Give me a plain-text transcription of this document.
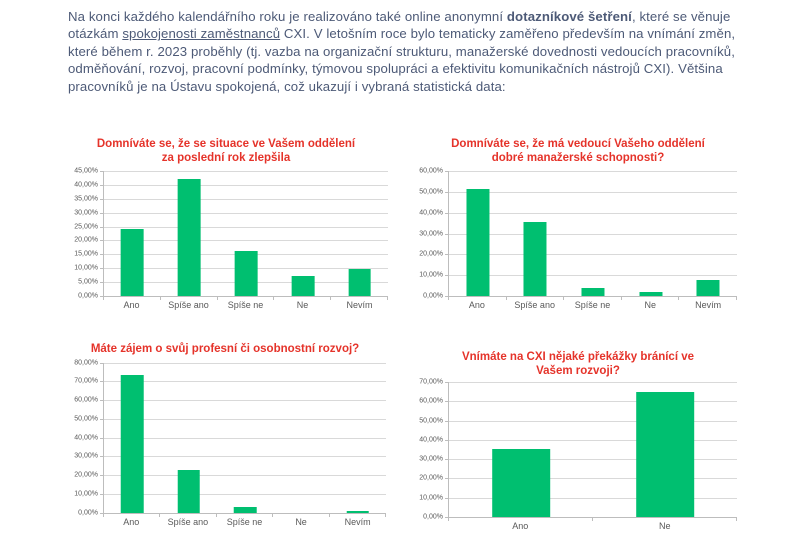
Na konci každého kalendářního roku je realizováno také online anonymní dotazníkové šetření, které se věnuje otázkám spokojenosti zaměstnanců CXI. V letošním roce bylo tematicky zaměřeno především na vnímání změn, které během r. 2023 proběhly (tj. vazba na organizační strukturu, manažerské dovednosti vedoucích pracovníků, odměňování, rozvoj, pracovní podmínky, týmovou spolupráci a efektivitu komunikačních nástrojů CXI). Většina pracovníků je na Ústavu spokojená, což ukazují i vybraná statistická data:

Domníváte se, že se situace ve Vašem oddělení
za poslední rok zlepšila
45,00%
40,00%
35,00%
30,00%
25,00%
20,00%
15,00%
10,00%
5,00%
0,00%
Ano	Spíše ano	Spíše ne	Ne	Nevím
Domníváte se, že má vedoucí Vašeho oddělení
dobré manažerské schopnosti?
60,00%
50,00%
40,00%
30,00%
20,00%
10,00%
0,00%
Ano	Spíše ano	Spíše ne	Ne	Nevím
Máte zájem o svůj profesní či osobnostní rozvoj?
80,00%
70,00%
60,00%
50,00%
40,00%
30,00%
20,00%
10,00%
0,00%
Ano	Spíše ano	Spíše ne	Ne	Nevím
Vnímáte na CXI nějaké překážky bránící ve
Vašem rozvoji?
70,00%
60,00%
50,00%
40,00%
30,00%
20,00%
10,00%
0,00%
Ano	Ne
